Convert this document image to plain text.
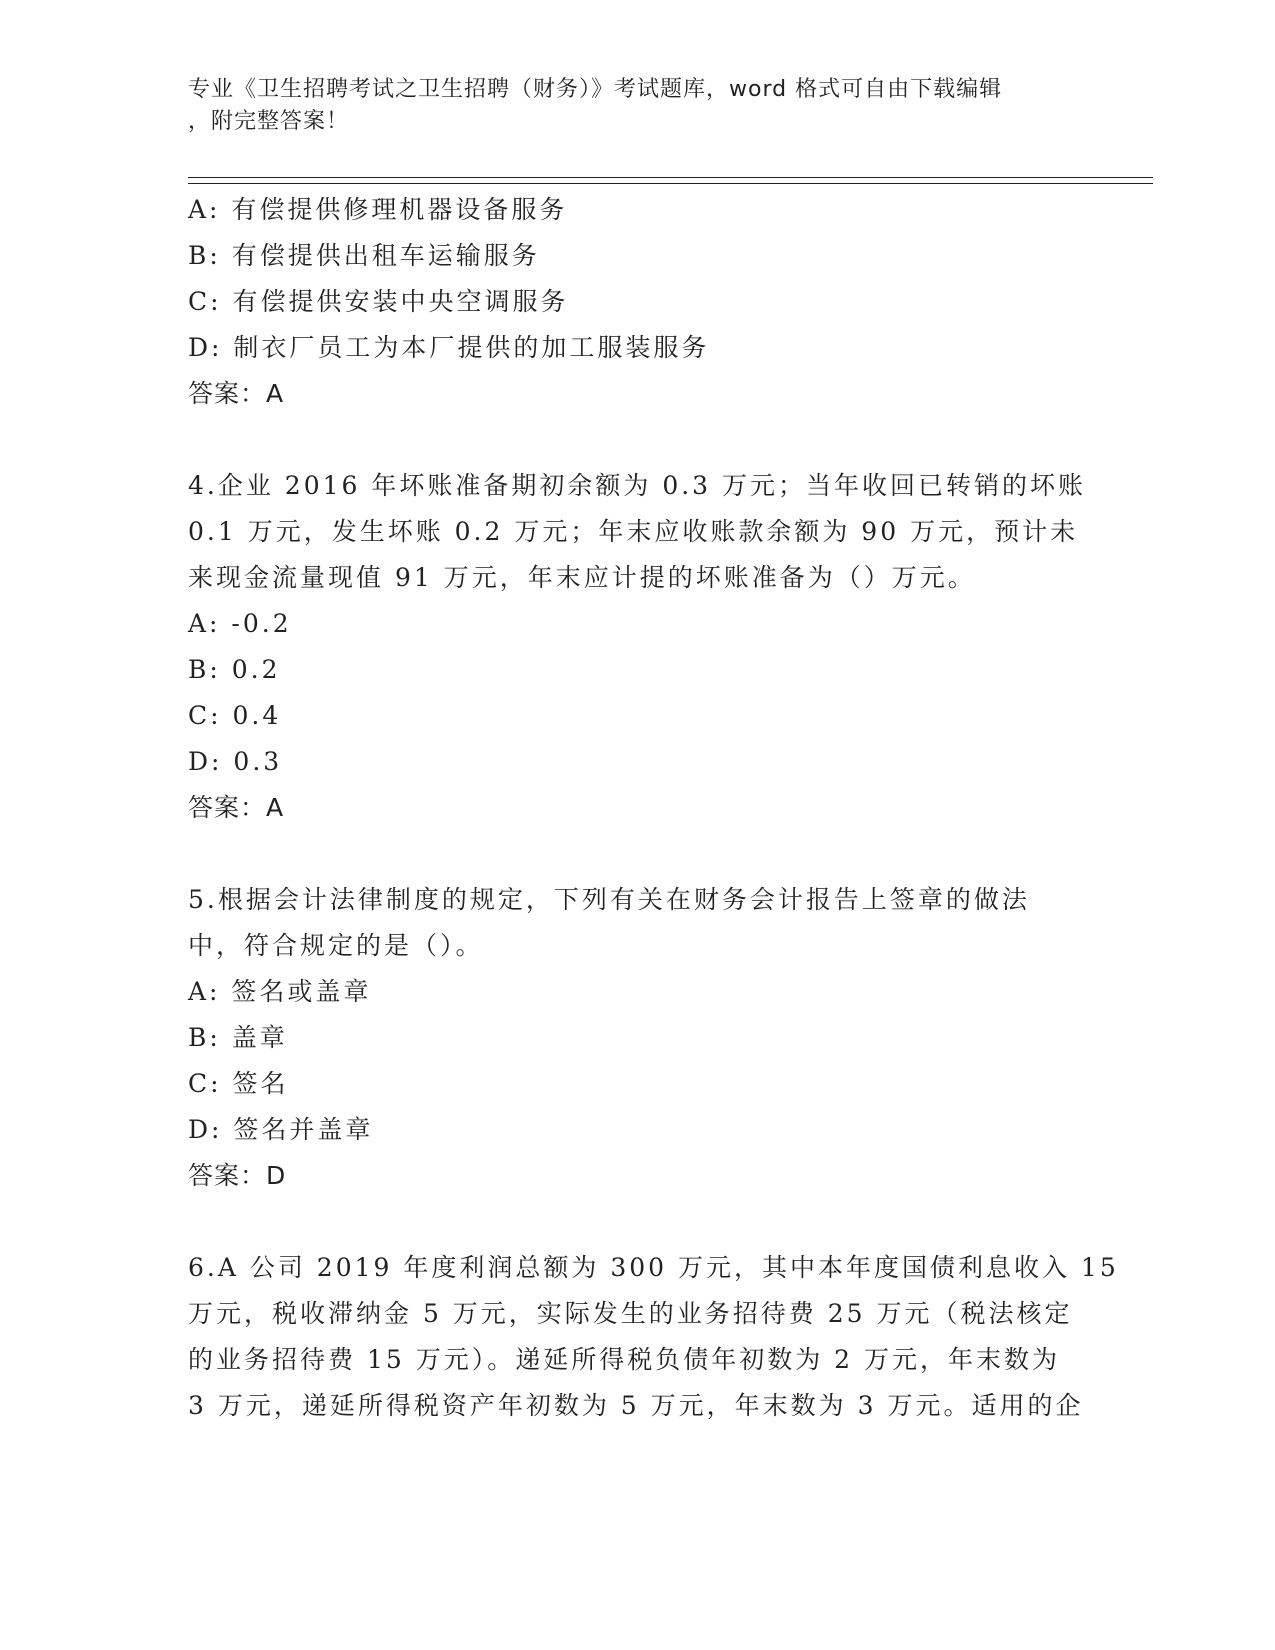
专业《卫生招聘考试之卫生招聘（财务）》考试题库，word 格式可自由下载编辑
，附完整答案！
A: 有偿提供修理机器设备服务
B: 有偿提供出租车运输服务
C: 有偿提供安装中央空调服务
D: 制衣厂员工为本厂提供的加工服装服务
答案：A
4.企业 2016 年坏账准备期初余额为 0.3 万元；当年收回已转销的坏账
0.1 万元，发生坏账 0.2 万元；年末应收账款余额为 90 万元，预计未
来现金流量现值 91 万元，年末应计提的坏账准备为（）万元。
A: -0.2
B: 0.2
C: 0.4
D: 0.3
答案：A
5.根据会计法律制度的规定，下列有关在财务会计报告上签章的做法
中，符合规定的是（）。
A: 签名或盖章
B: 盖章
C: 签名
D: 签名并盖章
答案：D
6.A 公司 2019 年度利润总额为 300 万元，其中本年度国债利息收入 15
万元，税收滞纳金 5 万元，实际发生的业务招待费 25 万元（税法核定
的业务招待费 15 万元）。递延所得税负债年初数为 2 万元，年末数为
3 万元，递延所得税资产年初数为 5 万元，年末数为 3 万元。适用的企
